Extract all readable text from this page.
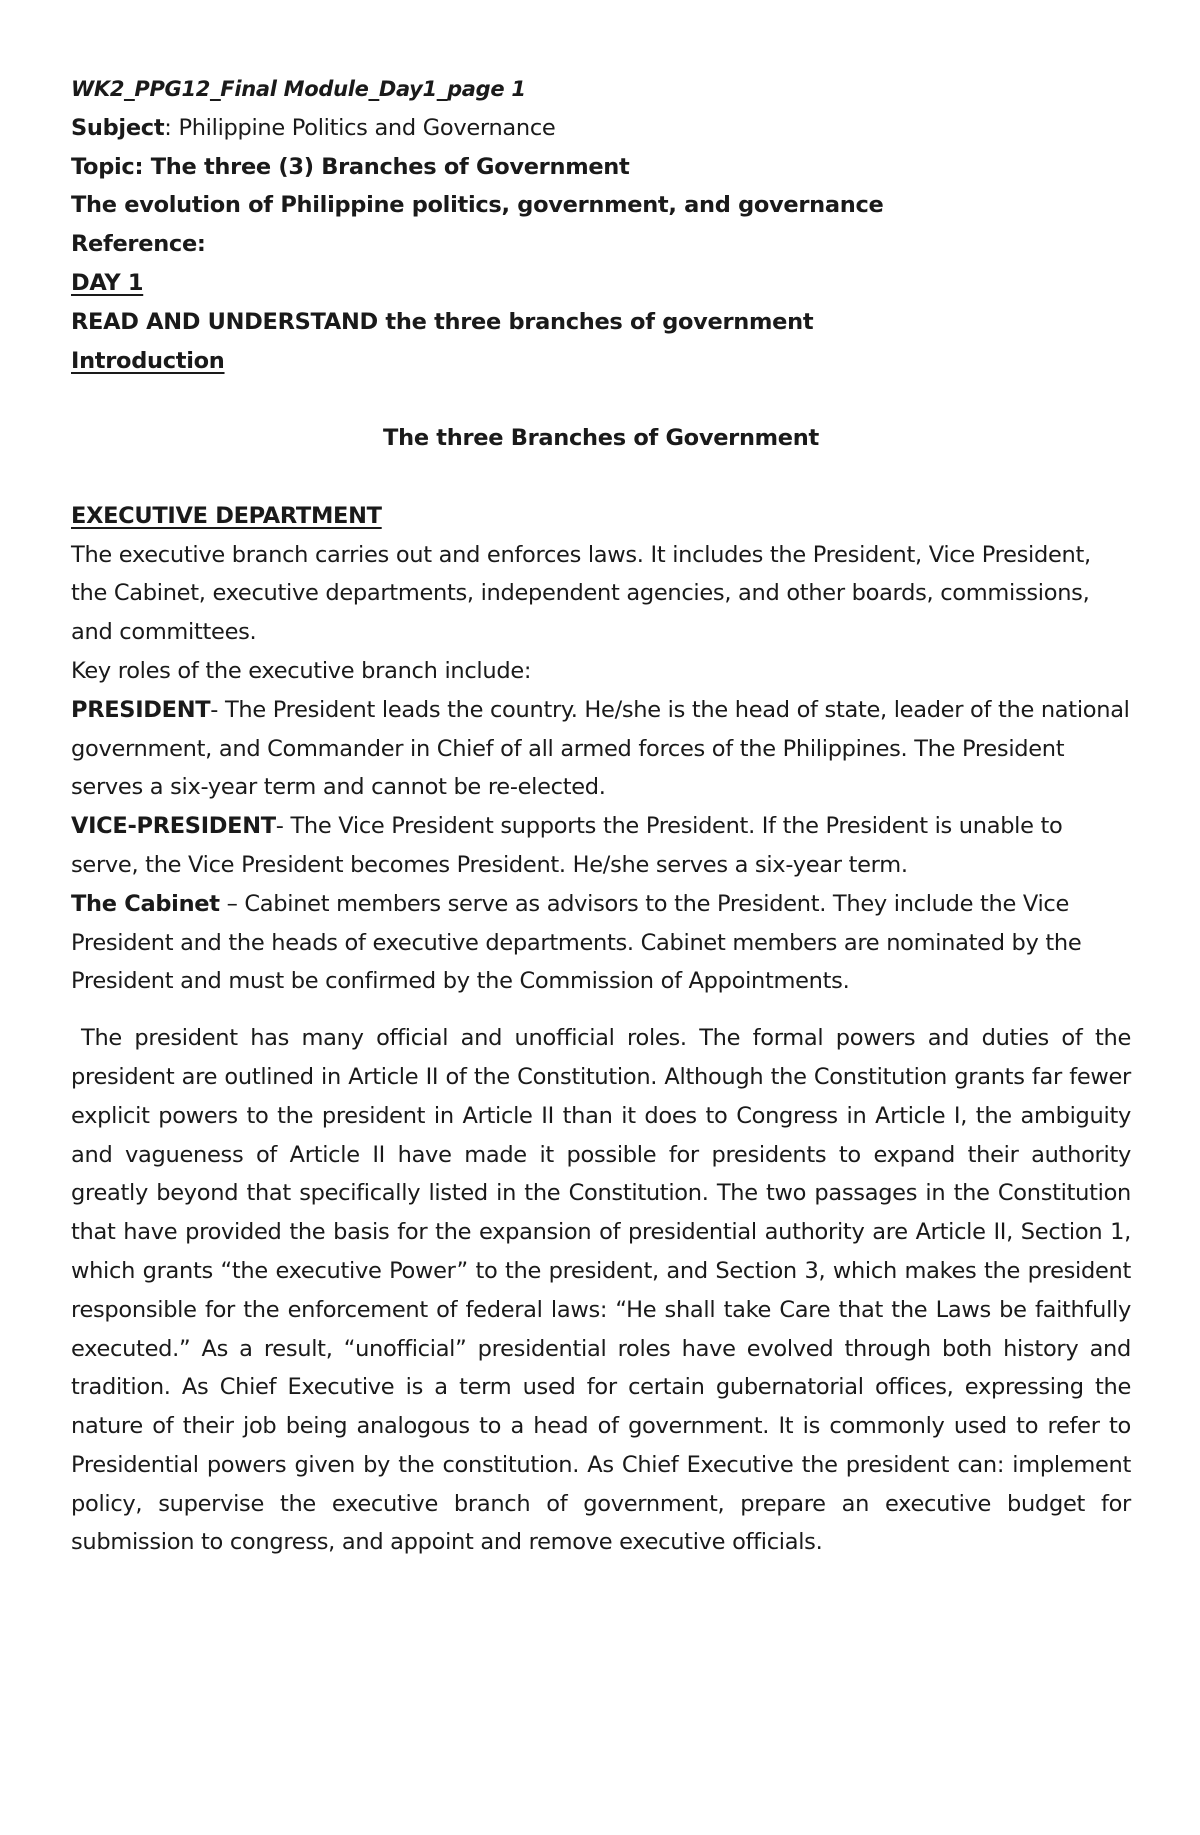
WK2_PPG12_Final Module_Day1_page 1

Subject: Philippine Politics and Governance

Topic: The three (3) Branches of Government

The evolution of Philippine politics, government, and governance

Reference:

DAY 1

READ AND UNDERSTAND the three branches of government

Introduction

The three Branches of Government

EXECUTIVE DEPARTMENT

The executive branch carries out and enforces laws. It includes the President, Vice President, the Cabinet, executive departments, independent agencies, and other boards, commissions, and committees.

Key roles of the executive branch include:

PRESIDENT- The President leads the country. He/she is the head of state, leader of the national government, and Commander in Chief of all armed forces of the Philippines. The President serves a six-year term and cannot be re-elected.

VICE-PRESIDENT- The Vice President supports the President. If the President is unable to serve, the Vice President becomes President. He/she serves a six-year term.

The Cabinet – Cabinet members serve as advisors to the President. They include the Vice President and the heads of executive departments. Cabinet members are nominated by the President and must be confirmed by the Commission of Appointments.

The president has many official and unofficial roles. The formal powers and duties of the president are outlined in Article II of the Constitution. Although the Constitution grants far fewer explicit powers to the president in Article II than it does to Congress in Article I, the ambiguity and vagueness of Article II have made it possible for presidents to expand their authority greatly beyond that specifically listed in the Constitution. The two passages in the Constitution that have provided the basis for the expansion of presidential authority are Article II, Section 1, which grants “the executive Power” to the president, and Section 3, which makes the president responsible for the enforcement of federal laws: “He shall take Care that the Laws be faithfully executed.” As a result, “unofficial” presidential roles have evolved through both history and tradition. As Chief Executive is a term used for certain gubernatorial offices, expressing the nature of their job being analogous to a head of government. It is commonly used to refer to Presidential powers given by the constitution. As Chief Executive the president can: implement policy, supervise the executive branch of government, prepare an executive budget for submission to congress, and appoint and remove executive officials.
